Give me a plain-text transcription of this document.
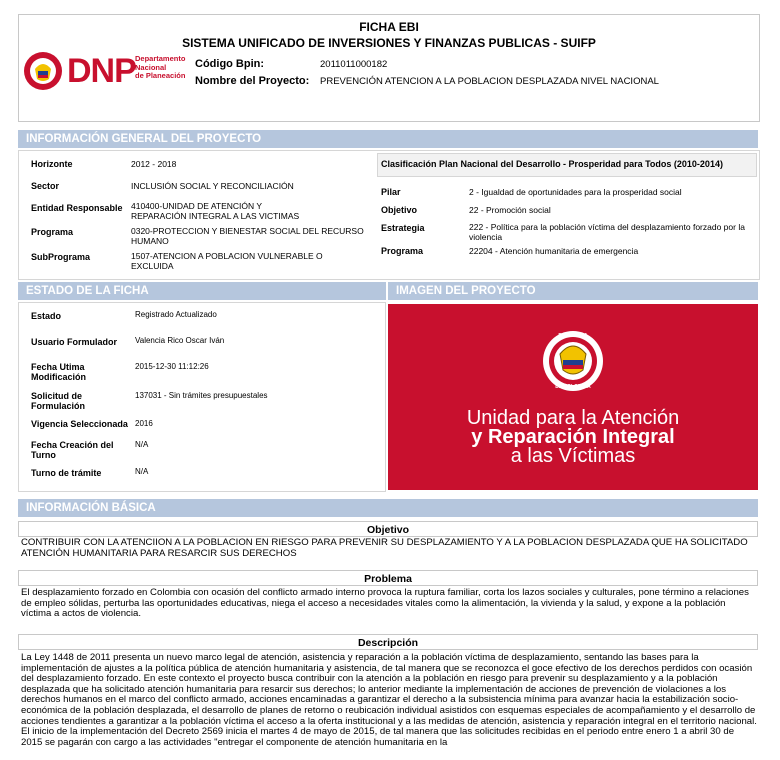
FICHA EBI
SISTEMA UNIFICADO DE INVERSIONES Y FINANZAS PUBLICAS - SUIFP
DNP Departamento
Nacional
de Planeación
Código Bpin:	2011011000182
Nombre del Proyecto: PREVENCIÓN ATENCION A LA POBLACION DESPLAZADA NIVEL NACIONAL
INFORMACIÓN GENERAL DEL PROYECTO
Horizonte	2012 - 2018
Sector	INCLUSIÓN SOCIAL Y RECONCILIACIÓN
Entidad Responsable 410400-UNIDAD DE ATENCIÓN Y REPARACIÓN INTEGRAL A LAS VICTIMAS
Programa	0320-PROTECCION Y BIENESTAR SOCIAL DEL RECURSO HUMANO
SubPrograma	1507-ATENCION A POBLACION VULNERABLE O EXCLUIDA
Clasificación Plan Nacional del Desarrollo - Prosperidad para Todos (2010-2014)
Pilar	2 - Igualdad de oportunidades para la prosperidad social
Objetivo	22 - Promoción social
Estrategia	222 - Política para la población víctima del desplazamiento forzado por la violencia
Programa	22204 - Atención humanitaria de emergencia
ESTADO DE LA FICHA	IMAGEN DEL PROYECTO
Estado	Registrado Actualizado
Usuario Formulador Valencia Rico Oscar Iván
Fecha Utima Modificación
2015-12-30 11:12:26
Solicitud de Formulación
137031 - Sin trámites presupuestales
Vigencia Seleccionada 2016
Fecha Creación del Turno
N/A
Turno de trámite	N/A
REPÚBLICA
DE COLOMBIA
Unidad para la Atención
y Reparación Integral
a las Víctimas
INFORMACIÓN BÁSICA
Objetivo
CONTRIBUIR CON LA ATENCIION A LA POBLACION EN RIESGO PARA PREVENIR SU DESPLAZAMIENTO Y A LA POBLACION DESPLAZADA QUE HA SOLICITADO ATENCIÓN HUMANITARIA PARA RESARCIR SUS DERECHOS
Problema
El desplazamiento forzado en Colombia con ocasión del conflicto armado interno provoca la ruptura familiar, corta los lazos sociales y culturales, pone término a relaciones de empleo sólidas, perturba las oportunidades educativas, niega el acceso a necesidades vitales como la alimentación, la vivienda y la salud, y expone a la población víctima a actos de violencia.
Descripción
La Ley 1448 de 2011 presenta un nuevo marco legal de atención, asistencia y reparación a la población víctima de desplazamiento, sentando las bases para la implementación de ajustes a la política pública de atención humanitaria y asistencia, de tal manera que se reconozca el goce efectivo de los derechos perdidos con ocasión del desplazamiento forzado. En este contexto el proyecto busca contribuir con la atención a la población en riesgo para prevenir su desplazamiento y a la población desplazada que ha solicitado atención humanitaria para resarcir sus derechos; lo anterior mediante la implementación de acciones de prevención de violaciones a los derechos humanos en el marco del conflicto armado, acciones encaminadas a garantizar el derecho a la subsistencia mínima para avanzar hacia la estabilización socio-económica de la población desplazada, el desarrollo de planes de retorno o reubicación individual asistidos con esquemas especiales de acompañamiento y el desarrollo de acciones tendientes a garantizar a la población víctima el acceso a la oferta institucional y a las medidas de atención, asistencia y reparación integral en el territorio nacional. El inicio de la implementación del Decreto 2569 inicia el martes 4 de mayo de 2015, de tal manera que las solicitudes recibidas en el periodo entre enero 1 a abril 30 de 2015 se pagarán con cargo a las actividades "entregar el componente de atención humanitaria en la
